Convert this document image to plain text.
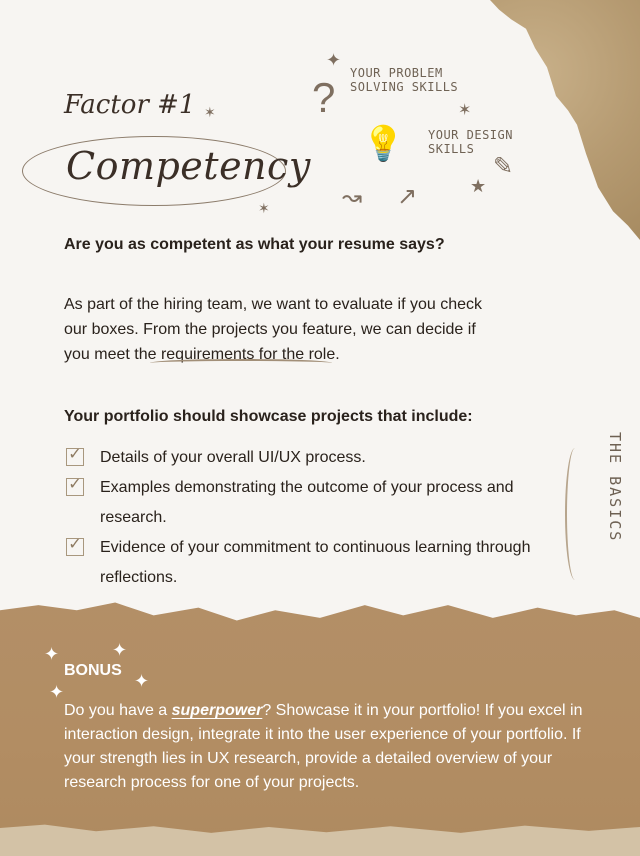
Factor #1

Competency
YOUR PROBLEM SOLVING SKILLS
YOUR DESIGN SKILLS
?
💡
✎
↝ ↗
✦
✶
★
✶
✶

Are you as competent as what your resume says?

As part of the hiring team, we want to evaluate if you check our boxes. From the projects you feature, we can decide if you meet the requirements for the role.

Your portfolio should showcase projects that include:

✓ Details of your overall UI/UX process.
✓ Examples demonstrating the outcome of your process and research.
✓ Evidence of your commitment to continuous learning through reflections.
THE BASICS
✦	✦
✦
✦

BONUS

Do you have a superpower? Showcase it in your portfolio! If you excel in interaction design, integrate it into the user experience of your portfolio. If your strength lies in UX research, provide a detailed overview of your research process for one of your projects.
